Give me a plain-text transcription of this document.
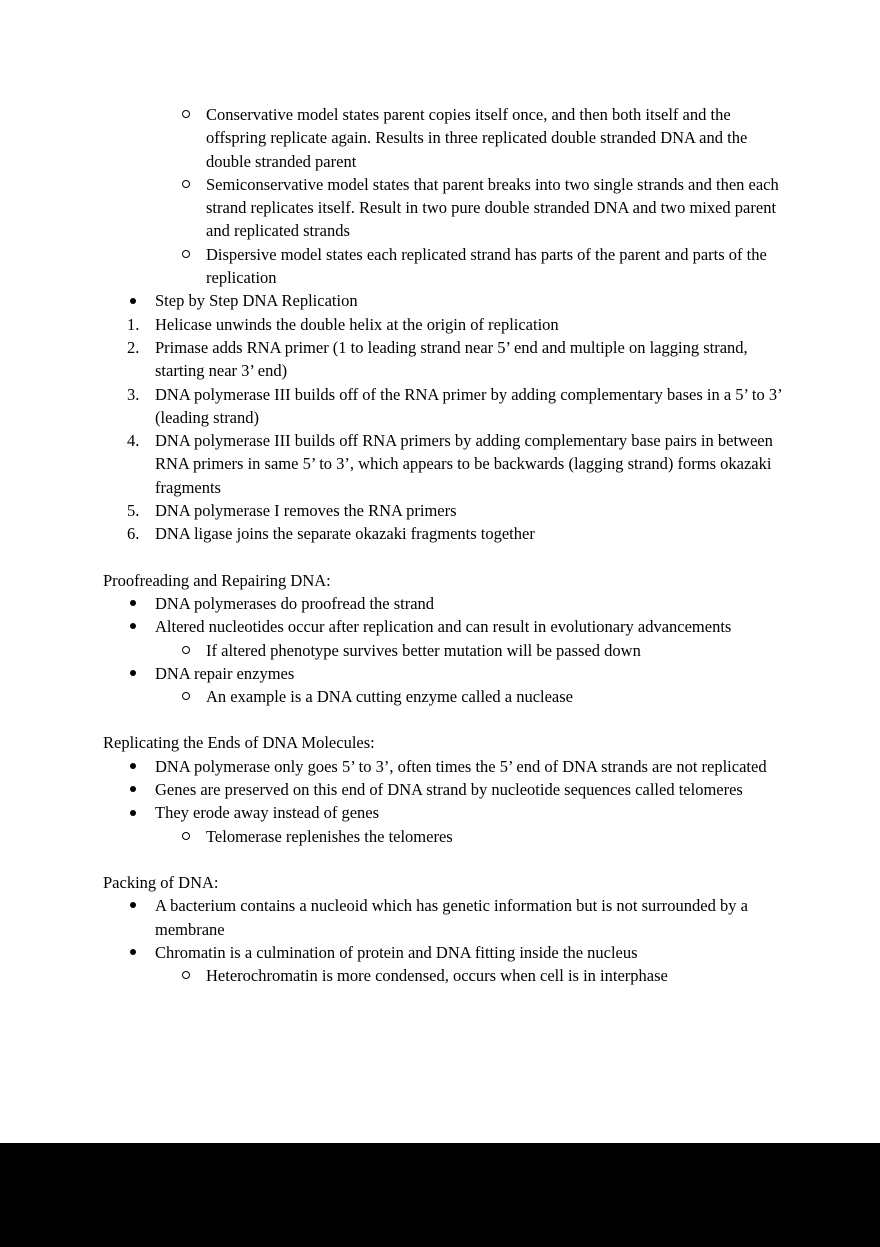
Conservative model states parent copies itself once, and then both itself and the offspring replicate again. Results in three replicated double stranded DNA and the double stranded parent
Semiconservative model states that parent breaks into two single strands and then each strand replicates itself. Result in two pure double stranded DNA and two mixed parent and replicated strands
Dispersive model states each replicated strand has parts of the parent and parts of the replication
Step by Step DNA Replication
1. Helicase unwinds the double helix at the origin of replication
2. Primase adds RNA primer (1 to leading strand near 5’ end and multiple on lagging strand, starting near 3’ end)
3. DNA polymerase III builds off of the RNA primer by adding complementary bases in a 5’ to 3’ (leading strand)
4. DNA polymerase III builds off RNA primers by adding complementary base pairs in between RNA primers in same 5’ to 3’, which appears to be backwards (lagging strand) forms okazaki fragments
5. DNA polymerase I removes the RNA primers
6. DNA ligase joins the separate okazaki fragments together
Proofreading and Repairing DNA:
DNA polymerases do proofread the strand
Altered nucleotides occur after replication and can result in evolutionary advancements
If altered phenotype survives better mutation will be passed down
DNA repair enzymes
An example is a DNA cutting enzyme called a nuclease
Replicating the Ends of DNA Molecules:
DNA polymerase only goes 5’ to 3’, often times the 5’ end of DNA strands are not replicated
Genes are preserved on this end of DNA strand by nucleotide sequences called telomeres
They erode away instead of genes
Telomerase replenishes the telomeres
Packing of DNA:
A bacterium contains a nucleoid which has genetic information but is not surrounded by a membrane
Chromatin is a culmination of protein and DNA fitting inside the nucleus
Heterochromatin is more condensed, occurs when cell is in interphase
